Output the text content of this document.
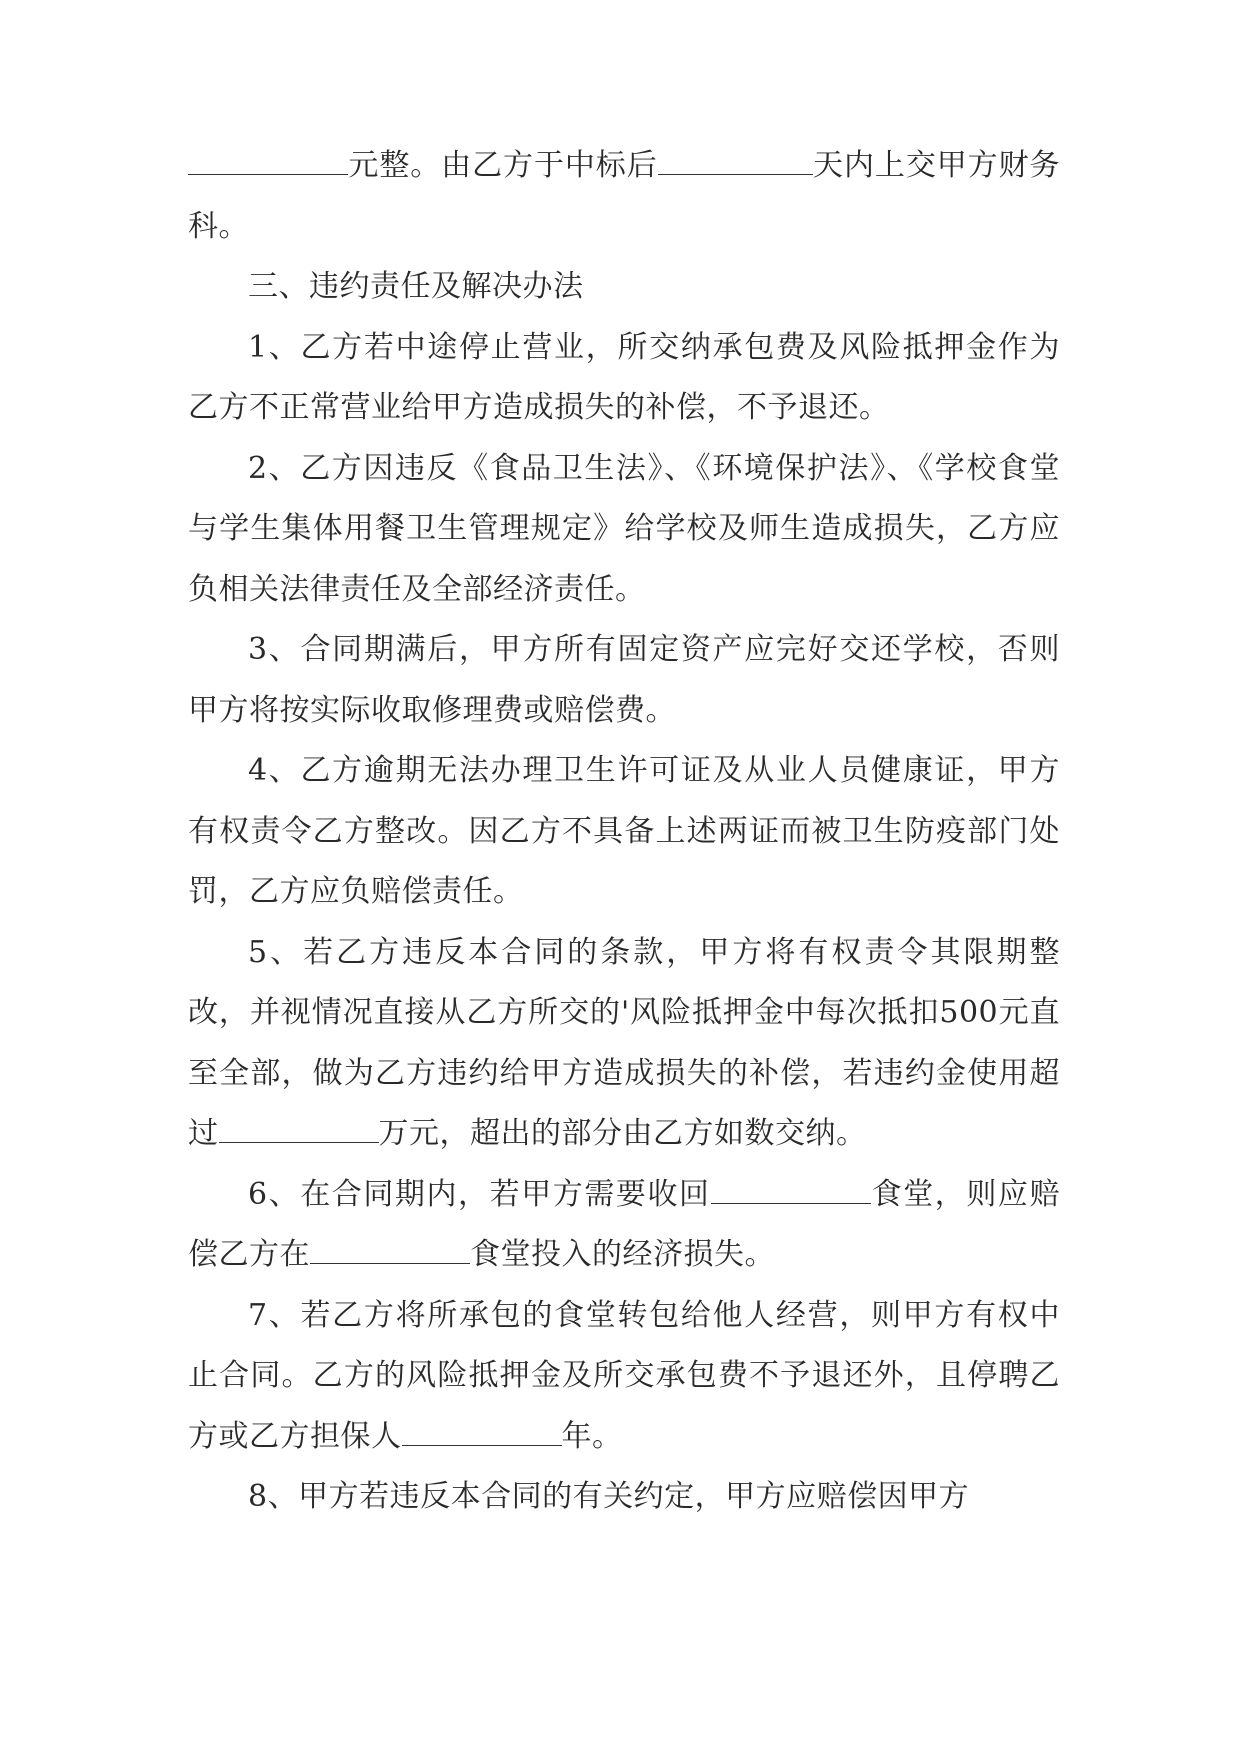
元整。由乙方于中标后	天内上交甲方财务科。

三、违约责任及解决办法

1、乙方若中途停止营业，所交纳承包费及风险抵押金作为乙方不正常营业给甲方造成损失的补偿，不予退还。

2、乙方因违反《食品卫生法》、《环境保护法》、《学校食堂与学生集体用餐卫生管理规定》给学校及师生造成损失，乙方应负相关法律责任及全部经济责任。

3、合同期满后，甲方所有固定资产应完好交还学校，否则甲方将按实际收取修理费或赔偿费。

4、乙方逾期无法办理卫生许可证及从业人员健康证，甲方有权责令乙方整改。因乙方不具备上述两证而被卫生防疫部门处罚，乙方应负赔偿责任。

5、若乙方违反本合同的条款，甲方将有权责令其限期整改，并视情况直接从乙方所交的'风险抵押金中每次抵扣500元直至全部，做为乙方违约给甲方造成损失的补偿，若违约金使用超过	万元，超出的部分由乙方如数交纳。

6、在合同期内，若甲方需要收回	食堂，则应赔偿乙方在	食堂投入的经济损失。

7、若乙方将所承包的食堂转包给他人经营，则甲方有权中止合同。乙方的风险抵押金及所交承包费不予退还外，且停聘乙方或乙方担保人	年。

8、甲方若违反本合同的有关约定，甲方应赔偿因甲方
